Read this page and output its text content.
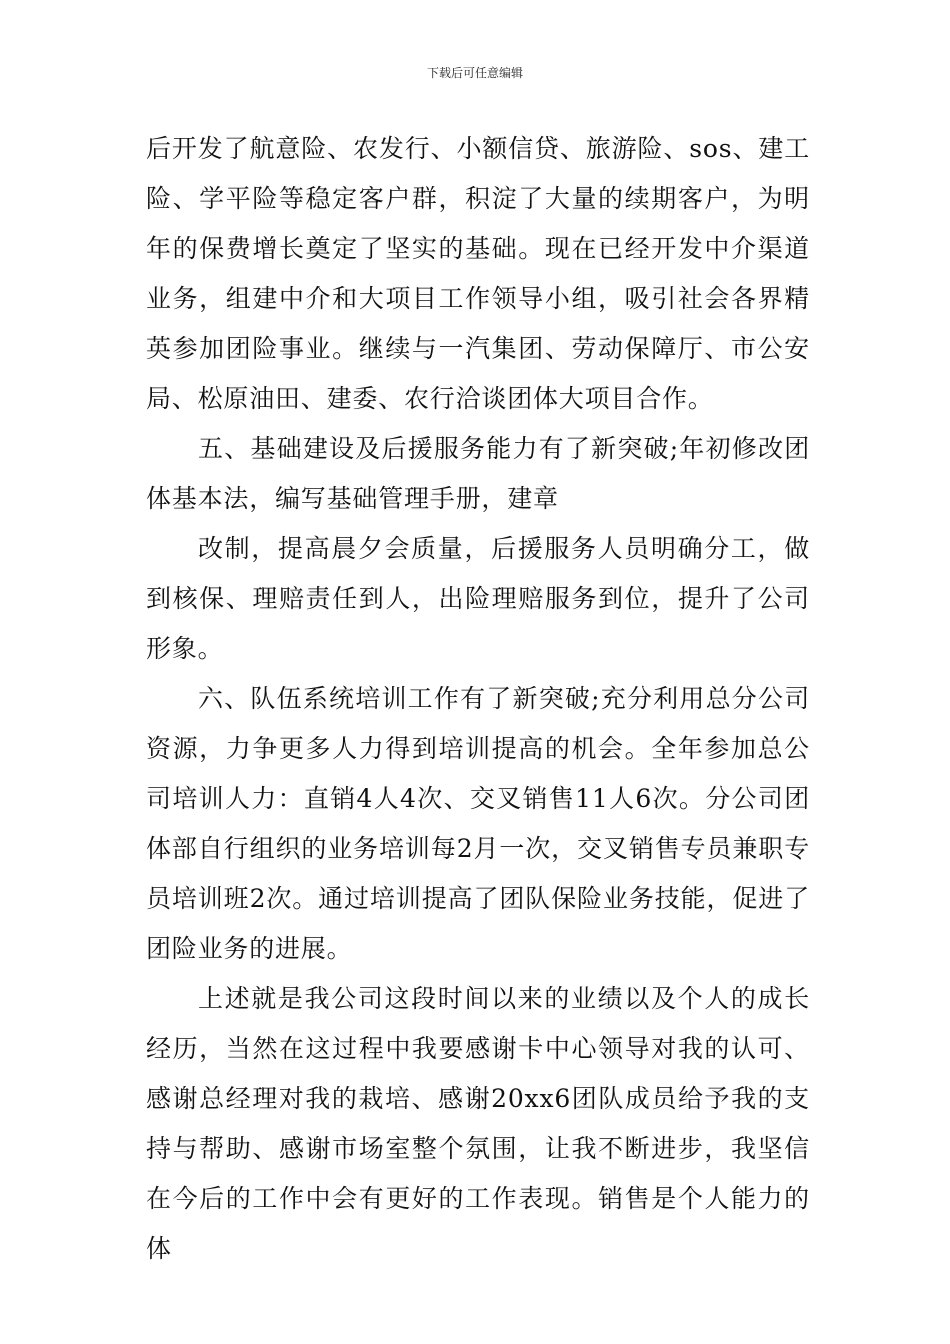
下载后可任意编辑

后开发了航意险、农发行、小额信贷、旅游险、sos、建工险、学平险等稳定客户群，积淀了大量的续期客户，为明年的保费增长奠定了坚实的基础。现在已经开发中介渠道业务，组建中介和大项目工作领导小组，吸引社会各界精英参加团险事业。继续与一汽集团、劳动保障厅、市公安局、松原油田、建委、农行洽谈团体大项目合作。

五、基础建设及后援服务能力有了新突破;年初修改团体基本法，编写基础管理手册，建章

改制，提高晨夕会质量，后援服务人员明确分工，做到核保、理赔责任到人，出险理赔服务到位，提升了公司形象。

六、队伍系统培训工作有了新突破;充分利用总分公司资源，力争更多人力得到培训提高的机会。全年参加总公司培训人力：直销4人4次、交叉销售11人6次。分公司团体部自行组织的业务培训每2月一次，交叉销售专员兼职专员培训班2次。通过培训提高了团队保险业务技能，促进了团险业务的进展。

上述就是我公司这段时间以来的业绩以及个人的成长经历，当然在这过程中我要感谢卡中心领导对我的认可、感谢总经理对我的栽培、感谢20xx6团队成员给予我的支持与帮助、感谢市场室整个氛围，让我不断进步，我坚信在今后的工作中会有更好的工作表现。销售是个人能力的体
